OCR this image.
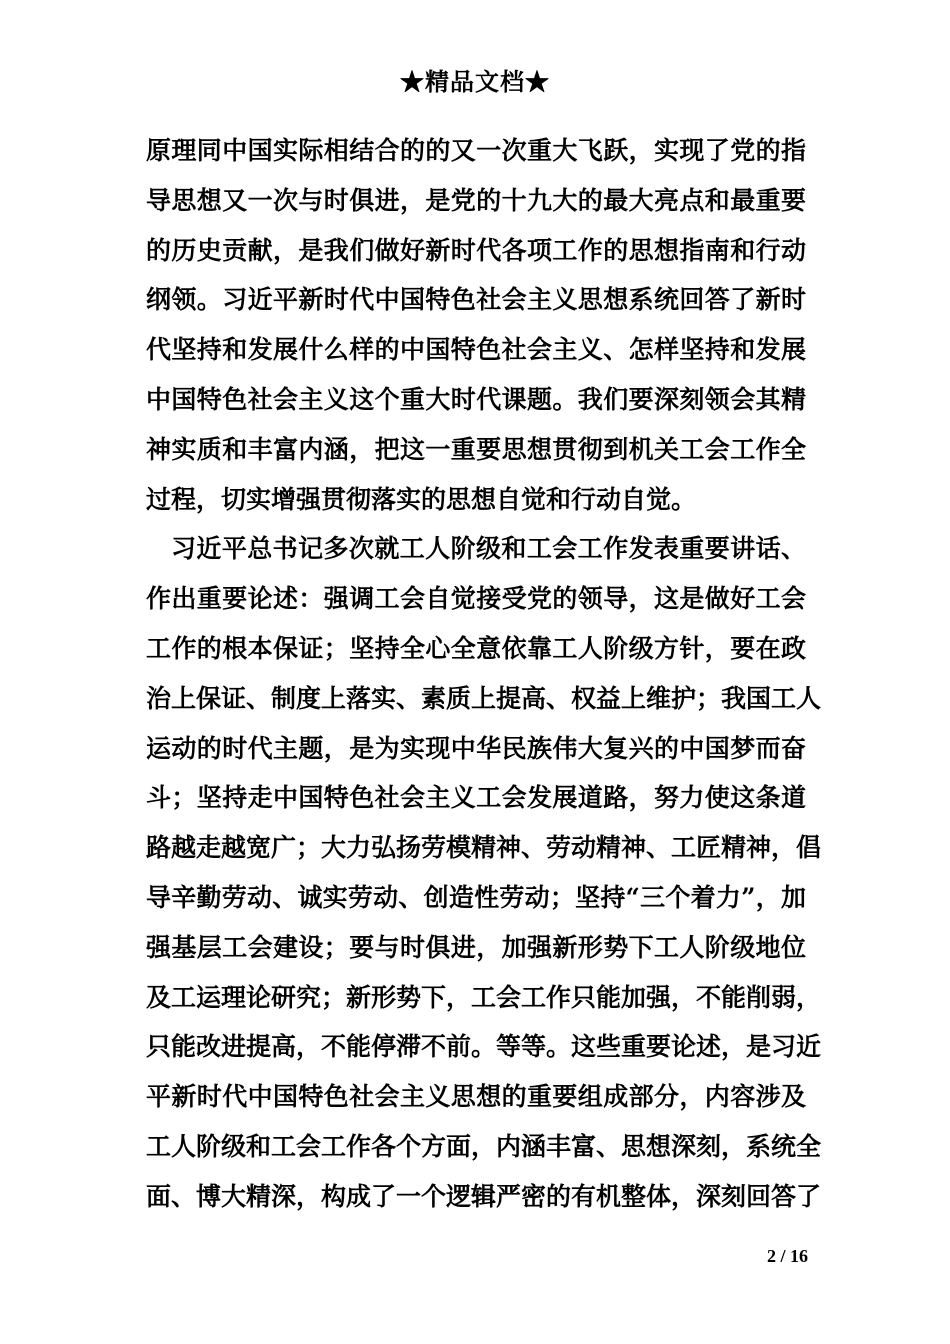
★精品文档★
原理同中国实际相结合的的又一次重大飞跃，实现了党的指
导思想又一次与时俱进，是党的十九大的最大亮点和最重要
的历史贡献，是我们做好新时代各项工作的思想指南和行动
纲领。习近平新时代中国特色社会主义思想系统回答了新时
代坚持和发展什么样的中国特色社会主义、怎样坚持和发展
中国特色社会主义这个重大时代课题。我们要深刻领会其精
神实质和丰富内涵，把这一重要思想贯彻到机关工会工作全
过程，切实增强贯彻落实的思想自觉和行动自觉。
习近平总书记多次就工人阶级和工会工作发表重要讲话、
作出重要论述：强调工会自觉接受党的领导，这是做好工会
工作的根本保证；坚持全心全意依靠工人阶级方针，要在政
治上保证、制度上落实、素质上提高、权益上维护；我国工人
运动的时代主题，是为实现中华民族伟大复兴的中国梦而奋
斗；坚持走中国特色社会主义工会发展道路，努力使这条道
路越走越宽广；大力弘扬劳模精神、劳动精神、工匠精神，倡
导辛勤劳动、诚实劳动、创造性劳动；坚持“三个着力”，加
强基层工会建设；要与时俱进，加强新形势下工人阶级地位
及工运理论研究；新形势下，工会工作只能加强，不能削弱，
只能改进提高，不能停滞不前。等等。这些重要论述，是习近
平新时代中国特色社会主义思想的重要组成部分，内容涉及
工人阶级和工会工作各个方面，内涵丰富、思想深刻，系统全
面、博大精深，构成了一个逻辑严密的有机整体，深刻回答了
2 / 16
